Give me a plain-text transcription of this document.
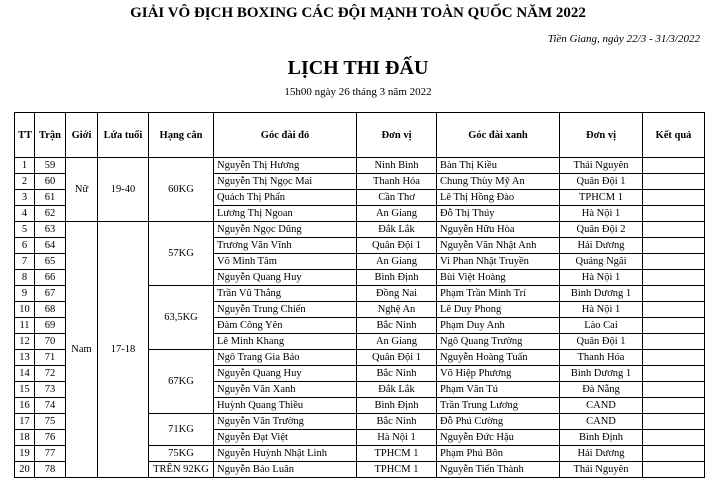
GIẢI VÔ ĐỊCH BOXING CÁC ĐỘI MẠNH TOÀN QUỐC NĂM 2022
Tiền Giang, ngày 22/3 - 31/3/2022
LỊCH THI ĐẤU
15h00 ngày 26 tháng 3 năm 2022
TT	Trận	Giới	Lứa tuổi	Hạng cân	Góc đài đỏ	Đơn vị	Góc đài xanh	Đơn vị	Kết quả
1	59	Nữ	19-40	60KG	Nguyễn Thị Hương	Ninh Bình	Bàn Thị Kiều	Thái Nguyên	
2	60				Nguyễn Thị Ngọc Mai	Thanh Hóa	Chung Thùy Mỹ An	Quân Đội 1	
3	61				Quách Thị Phấn	Cần Thơ	Lê Thị Hồng Đào	TPHCM 1	
4	62				Lương Thị Ngoan	An Giang	Đỗ Thị Thúy	Hà Nội 1	
5	63	Nam	17-18	57KG	Nguyễn Ngọc Dũng	Đắk Lắk	Nguyễn Hữu Hòa	Quân Đội 2	
6	64				Trương Văn Vĩnh	Quân Đội 1	Nguyễn Văn Nhật Anh	Hải Dương	
7	65				Võ Minh Tâm	An Giang	Vi Phan Nhật Truyền	Quảng Ngãi	
8	66				Nguyễn Quang Huy	Bình Định	Bùi Việt Hoàng	Hà Nội 1	
9	67			63,5KG	Trần Vũ Thắng	Đồng Nai	Phạm Trần Minh Trí	Bình Dương 1	
10	68				Nguyễn Trung Chiến	Nghệ An	Lê Duy Phong	Hà Nội 1	
11	69				Đàm Công Yên	Bắc Ninh	Phạm Duy Anh	Lào Cai	
12	70				Lê Minh Khang	An Giang	Ngô Quang Trường	Quân Đội 1	
13	71			67KG	Ngô Trang Gia Bảo	Quân Đội 1	Nguyễn Hoàng Tuấn	Thanh Hóa	
14	72				Nguyễn Quang Huy	Bắc Ninh	Võ Hiệp Phương	Bình Dương 1	
15	73				Nguyễn Văn Xanh	Đắk Lắk	Phạm Văn Tú	Đà Nẵng	
16	74				Huỳnh Quang Thiều	Bình Định	Trần Trung Lương	CAND	
17	75			71KG	Nguyễn Văn Trường	Bắc Ninh	Đỗ Phú Cường	CAND	
18	76				Nguyễn Đạt Việt	Hà Nội 1	Nguyễn Đức Hậu	Bình Định	
19	77			75KG	Nguyễn Huỳnh Nhật Linh	TPHCM 1	Phạm Phú Bôn	Hải Dương	
20	78			TRÊN 92KG	Nguyễn Bảo Luân	TPHCM 1	Nguyễn Tiến Thành	Thái Nguyên	
